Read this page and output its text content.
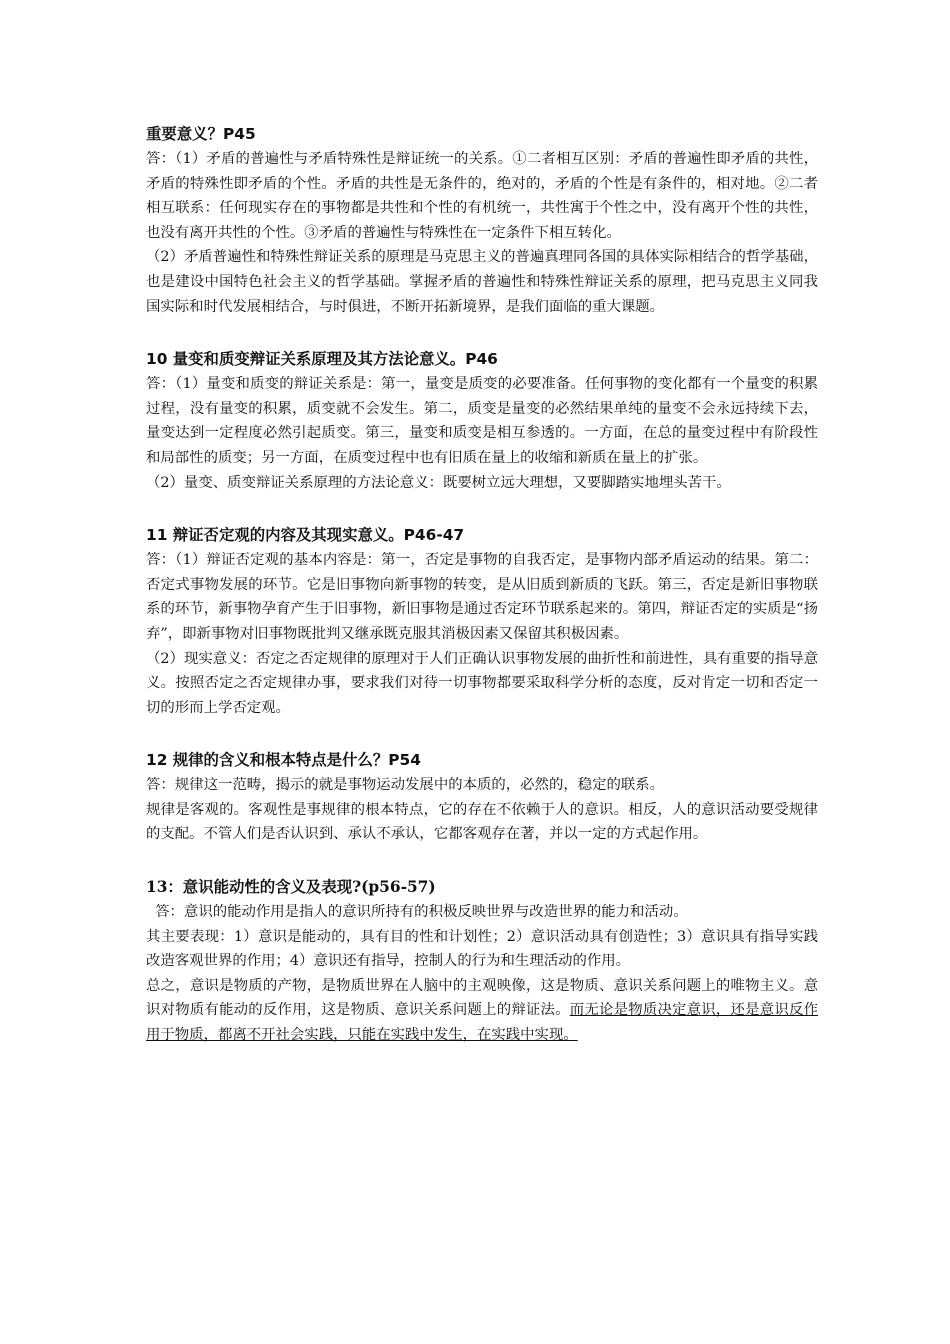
重要意义？P45

答：（1）矛盾的普遍性与矛盾特殊性是辩证统一的关系。①二者相互区别：矛盾的普遍性即矛盾的共性，矛盾的特殊性即矛盾的个性。矛盾的共性是无条件的，绝对的，矛盾的个性是有条件的，相对地。②二者相互联系：任何现实存在的事物都是共性和个性的有机统一，共性寓于个性之中，没有离开个性的共性，也没有离开共性的个性。③矛盾的普遍性与特殊性在一定条件下相互转化。

（2）矛盾普遍性和特殊性辩证关系的原理是马克思主义的普遍真理同各国的具体实际相结合的哲学基础，也是建设中国特色社会主义的哲学基础。掌握矛盾的普遍性和特殊性辩证关系的原理，把马克思主义同我国实际和时代发展相结合，与时俱进，不断开拓新境界，是我们面临的重大课题。

10 量变和质变辩证关系原理及其方法论意义。P46

答：（1）量变和质变的辩证关系是：第一，量变是质变的必要准备。任何事物的变化都有一个量变的积累过程，没有量变的积累，质变就不会发生。第二，质变是量变的必然结果单纯的量变不会永远持续下去，量变达到一定程度必然引起质变。第三，量变和质变是相互参透的。一方面，在总的量变过程中有阶段性和局部性的质变；另一方面，在质变过程中也有旧质在量上的收缩和新质在量上的扩张。

（2）量变、质变辩证关系原理的方法论意义：既要树立远大理想，又要脚踏实地埋头苦干。

11 辩证否定观的内容及其现实意义。P46-47

答：（1）辩证否定观的基本内容是：第一，否定是事物的自我否定，是事物内部矛盾运动的结果。第二：否定式事物发展的环节。它是旧事物向新事物的转变，是从旧质到新质的飞跃。第三，否定是新旧事物联系的环节，新事物孕育产生于旧事物，新旧事物是通过否定环节联系起来的。第四，辩证否定的实质是“扬弃”，即新事物对旧事物既批判又继承既克服其消极因素又保留其积极因素。

（2）现实意义：否定之否定规律的原理对于人们正确认识事物发展的曲折性和前进性，具有重要的指导意义。按照否定之否定规律办事，要求我们对待一切事物都要采取科学分析的态度，反对肯定一切和否定一切的形而上学否定观。

12 规律的含义和根本特点是什么？P54

答：规律这一范畴，揭示的就是事物运动发展中的本质的，必然的，稳定的联系。

规律是客观的。客观性是事规律的根本特点，它的存在不依赖于人的意识。相反，人的意识活动要受规律的支配。不管人们是否认识到、承认不承认，它都客观存在著，并以一定的方式起作用。

13：意识能动性的含义及表现?(p56-57)

答：意识的能动作用是指人的意识所持有的积极反映世界与改造世界的能力和活动。

其主要表现：1）意识是能动的，具有目的性和计划性；2）意识活动具有创造性；3）意识具有指导实践改造客观世界的作用；4）意识还有指导，控制人的行为和生理活动的作用。

总之，意识是物质的产物，是物质世界在人脑中的主观映像，这是物质、意识关系问题上的唯物主义。意识对物质有能动的反作用，这是物质、意识关系问题上的辩证法。而无论是物质决定意识，还是意识反作用于物质，都离不开社会实践，只能在实践中发生，在实践中实现。
